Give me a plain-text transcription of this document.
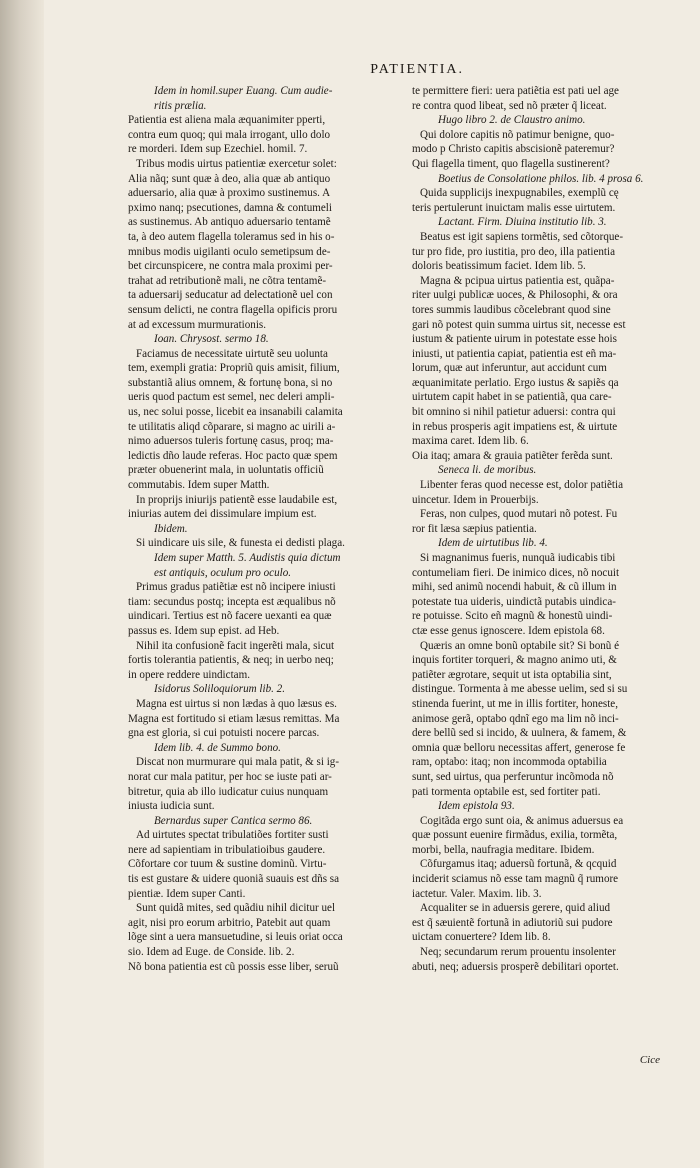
PATIENTIA.

Idem in homil.super Euang. Cum audie-

ritis prælia.

Patientia est aliena mala æquanimiter pperti,

contra eum quoq; qui mala irrogant, ullo dolo

re morderi. Idem sup Ezechiel. homil. 7.

Tribus modis uirtus patientiæ exercetur solet:

Alia nãq; sunt quæ à deo, alia quæ ab antiquo

aduersario, alia quæ à proximo sustinemus. A

pximo nanq; psecutiones, damna & contumeli

as sustinemus. Ab antiquo aduersario tentamẽ

ta, à deo autem flagella toleramus sed in his o-

mnibus modis uigilanti oculo semetipsum de-

bet circunspicere, ne contra mala proximi per-

trahat ad retributionẽ mali, ne cõtra tentamẽ-

ta aduersarij seducatur ad delectationẽ uel con

sensum delicti, ne contra flagella opificis proru

at ad excessum murmurationis.

Ioan. Chrysost. sermo 18.

Faciamus de necessitate uirtutẽ seu uolunta

tem, exempli gratia: Propriũ quis amisit, filium,

substantiã alius omnem, & fortunę bona, si no

ueris quod pactum est semel, nec deleri ampli-

us, nec solui posse, licebit ea insanabili calamita

te utilitatis aliqd cõparare, si magno ac uirili a-

nimo aduersos tuleris fortunę casus, proq; ma-

ledictis dño laude referas. Hoc pacto quæ spem

præter obuenerint mala, in uoluntatis officiũ

commutabis. Idem super Matth.

In proprijs iniurijs patientẽ esse laudabile est,

iniurias autem dei dissimulare impium est.

Ibidem.

Si uindicare uis sile, & funesta ei dedisti plaga.

Idem super Matth. 5. Audistis quia dictum

est antiquis, oculum pro oculo.

Primus gradus patiẽtiæ est nõ incipere iniusti

tiam: secundus postq; incepta est æqualibus nõ

uindicari. Tertius est nõ facere uexanti ea quæ

passus es. Idem sup epist. ad Heb.

Nihil ita confusionẽ facit ingerẽti mala, sicut

fortis tolerantia patientis, & neq; in uerbo neq;

in opere reddere uindictam.

Isidorus Soliloquiorum lib. 2.

Magna est uirtus si non lædas à quo læsus es.

Magna est fortitudo si etiam læsus remittas. Ma

gna est gloria, si cui potuisti nocere parcas.

Idem lib. 4. de Summo bono.

Discat non murmurare qui mala patit, & si ig-

norat cur mala patitur, per hoc se iuste pati ar-

bitretur, quia ab illo iudicatur cuius nunquam

iniusta iudicia sunt.

Bernardus super Cantica sermo 86.

Ad uirtutes spectat tribulatiões fortiter susti

nere ad sapientiam in tribulatioibus gaudere.

Cõfortare cor tuum & sustine dominũ. Virtu-

tis est gustare & uidere quoniã suauis est dñs sa

pientiæ. Idem super Canti.

Sunt quidã mites, sed quãdiu nihil dicitur uel

agit, nisi pro eorum arbitrio, Patebit aut quam

lõge sint a uera mansuetudine, si leuis oriat occa

sio. Idem ad Euge. de Conside. lib. 2.

Nõ bona patientia est cũ possis esse liber, seruũ

te permittere fieri: uera patiẽtia est pati uel age

re contra quod libeat, sed nõ præter q̃ liceat.

Hugo libro 2. de Claustro animo.

Qui dolore capitis nõ patimur benigne, quo-

modo p Christo capitis abscisionẽ pateremur?

Qui flagella timent, quo flagella sustinerent?

Boetius de Consolatione philos. lib. 4 prosa 6.

Quida supplicijs inexpugnabiles, exemplũ cę

teris pertulerunt inuictam malis esse uirtutem.

Lactant. Firm. Diuina institutio lib. 3.

Beatus est igit sapiens tormẽtis, sed cõtorque-

tur pro fide, pro iustitia, pro deo, illa patientia

doloris beatissimum faciet. Idem lib. 5.

Magna & pcipua uirtus patientia est, quãpa-

riter uulgi publicæ uoces, & Philosophi, & ora

tores summis laudibus cõcelebrant quod sine

gari nõ potest quin summa uirtus sit, necesse est

iustum & patiente uirum in potestate esse hois

iniusti, ut patientia capiat, patientia est eñ ma-

lorum, quæ aut inferuntur, aut accidunt cum

æquanimitate perlatio. Ergo iustus & sapiẽs qa

uirtutem capit habet in se patientiã, qua care-

bit omnino si nihil patietur aduersi: contra qui

in rebus prosperis agit impatiens est, & uirtute

maxima caret. Idem lib. 6.

Oia itaq; amara & grauia patiẽter ferẽda sunt.

Seneca li. de moribus.

Libenter feras quod necesse est, dolor patiẽtia

uincetur. Idem in Prouerbijs.

Feras, non culpes, quod mutari nõ potest. Fu

ror fit læsa sæpius patientia.

Idem de uirtutibus lib. 4.

Si magnanimus fueris, nunquã iudicabis tibi

contumeliam fieri. De inimico dices, nõ nocuit

mihi, sed animũ nocendi habuit, & cũ illum in

potestate tua uideris, uindictã putabis uindica-

re potuisse. Scito eñ magnũ & honestũ uindi-

ctæ esse genus ignoscere. Idem epistola 68.

Quæris an omne bonũ optabile sit? Si bonũ é

inquis fortiter torqueri, & magno animo uti, &

patiẽter ægrotare, sequit ut ista optabilia sint,

distingue. Tormenta à me abesse uelim, sed si su

stinenda fuerint, ut me in illis fortiter, honeste,

animose gerã, optabo qdnĩ ego ma lim nõ inci-

dere bellũ sed si incido, & uulnera, & famem, &

omnia quæ belloru necessitas affert, generose fe

ram, optabo: itaq; non incommoda optabilia

sunt, sed uirtus, qua perferuntur incõmoda nõ

pati tormenta optabile est, sed fortiter pati.

Idem epistola 93.

Cogitãda ergo sunt oia, & animus aduersus ea

quæ possunt euenire firmãdus, exilia, tormẽta,

morbi, bella, naufragia meditare. Ibidem.

Cõfurgamus itaq; aduersũ fortunã, & qcquid

inciderit sciamus nõ esse tam magnũ q̃ rumore

iactetur. Valer. Maxim. lib. 3.

Acqualiter se in aduersis gerere, quid aliud

est q̃ sæuientẽ fortunã in adiutoriũ sui pudore

uictam conuertere? Idem lib. 8.

Neq; secundarum rerum prouentu insolenter

abuti, neq; aduersis prosperẽ debilitari oportet.

Cice
